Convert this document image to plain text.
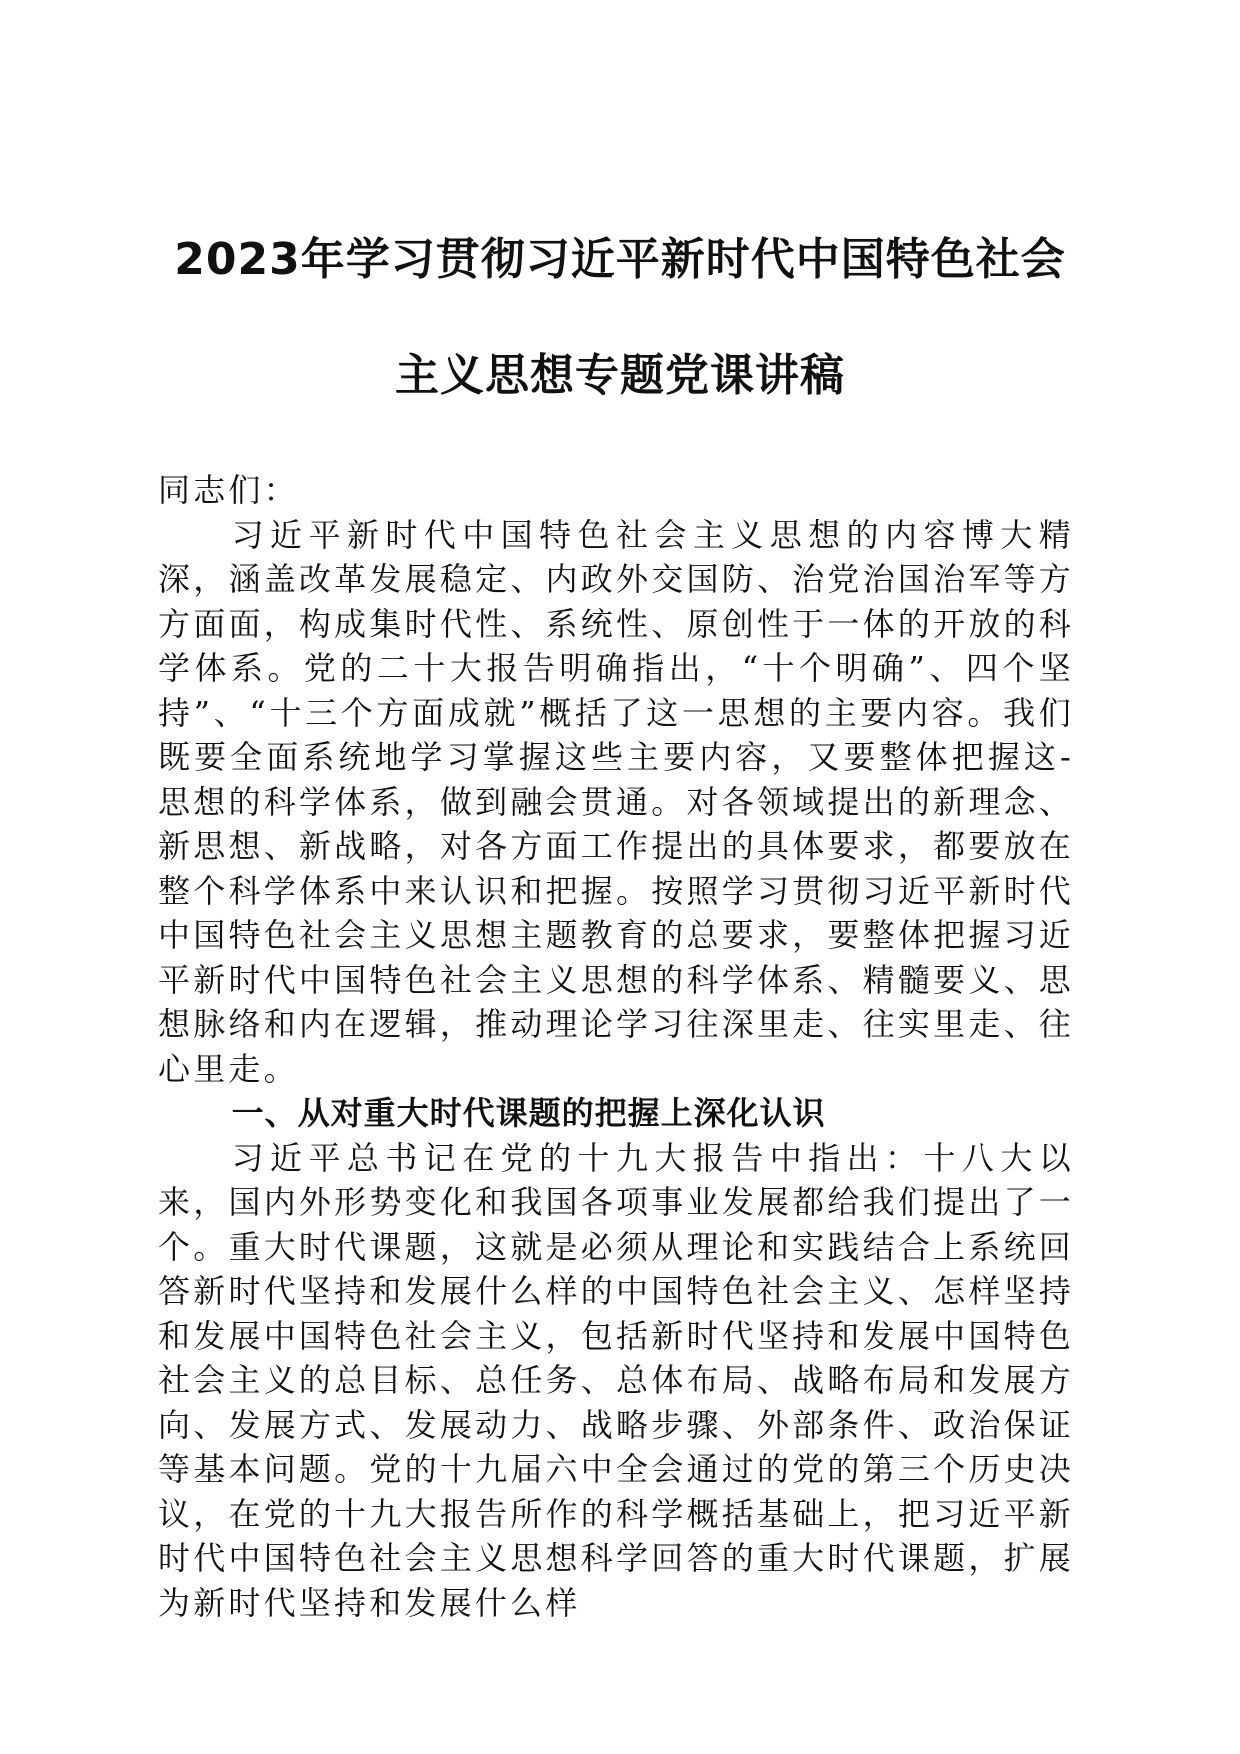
2023年学习贯彻习近平新时代中国特色社会
主义思想专题党课讲稿

同志们：

习近平新时代中国特色社会主义思想的内容博大精深，涵盖改革发展稳定、内政外交国防、治党治国治军等方方面面，构成集时代性、系统性、原创性于一体的开放的科学体系。党的二十大报告明确指出，“十个明确”、四个坚持”、“十三个方面成就”概括了这一思想的主要内容。我们既要全面系统地学习掌握这些主要内容，又要整体把握这-思想的科学体系，做到融会贯通。对各领域提出的新理念、新思想、新战略，对各方面工作提出的具体要求，都要放在整个科学体系中来认识和把握。按照学习贯彻习近平新时代中国特色社会主义思想主题教育的总要求，要整体把握习近平新时代中国特色社会主义思想的科学体系、精髓要义、思想脉络和内在逻辑，推动理论学习往深里走、往实里走、往心里走。

一、从对重大时代课题的把握上深化认识

习近平总书记在党的十九大报告中指出：十八大以来，国内外形势变化和我国各项事业发展都给我们提出了一个。重大时代课题，这就是必须从理论和实践结合上系统回答新时代坚持和发展什么样的中国特色社会主义、怎样坚持和发展中国特色社会主义，包括新时代坚持和发展中国特色社会主义的总目标、总任务、总体布局、战略布局和发展方向、发展方式、发展动力、战略步骤、外部条件、政治保证等基本问题。党的十九届六中全会通过的党的第三个历史决议，在党的十九大报告所作的科学概括基础上，把习近平新时代中国特色社会主义思想科学回答的重大时代课题，扩展为新时代坚持和发展什么样
